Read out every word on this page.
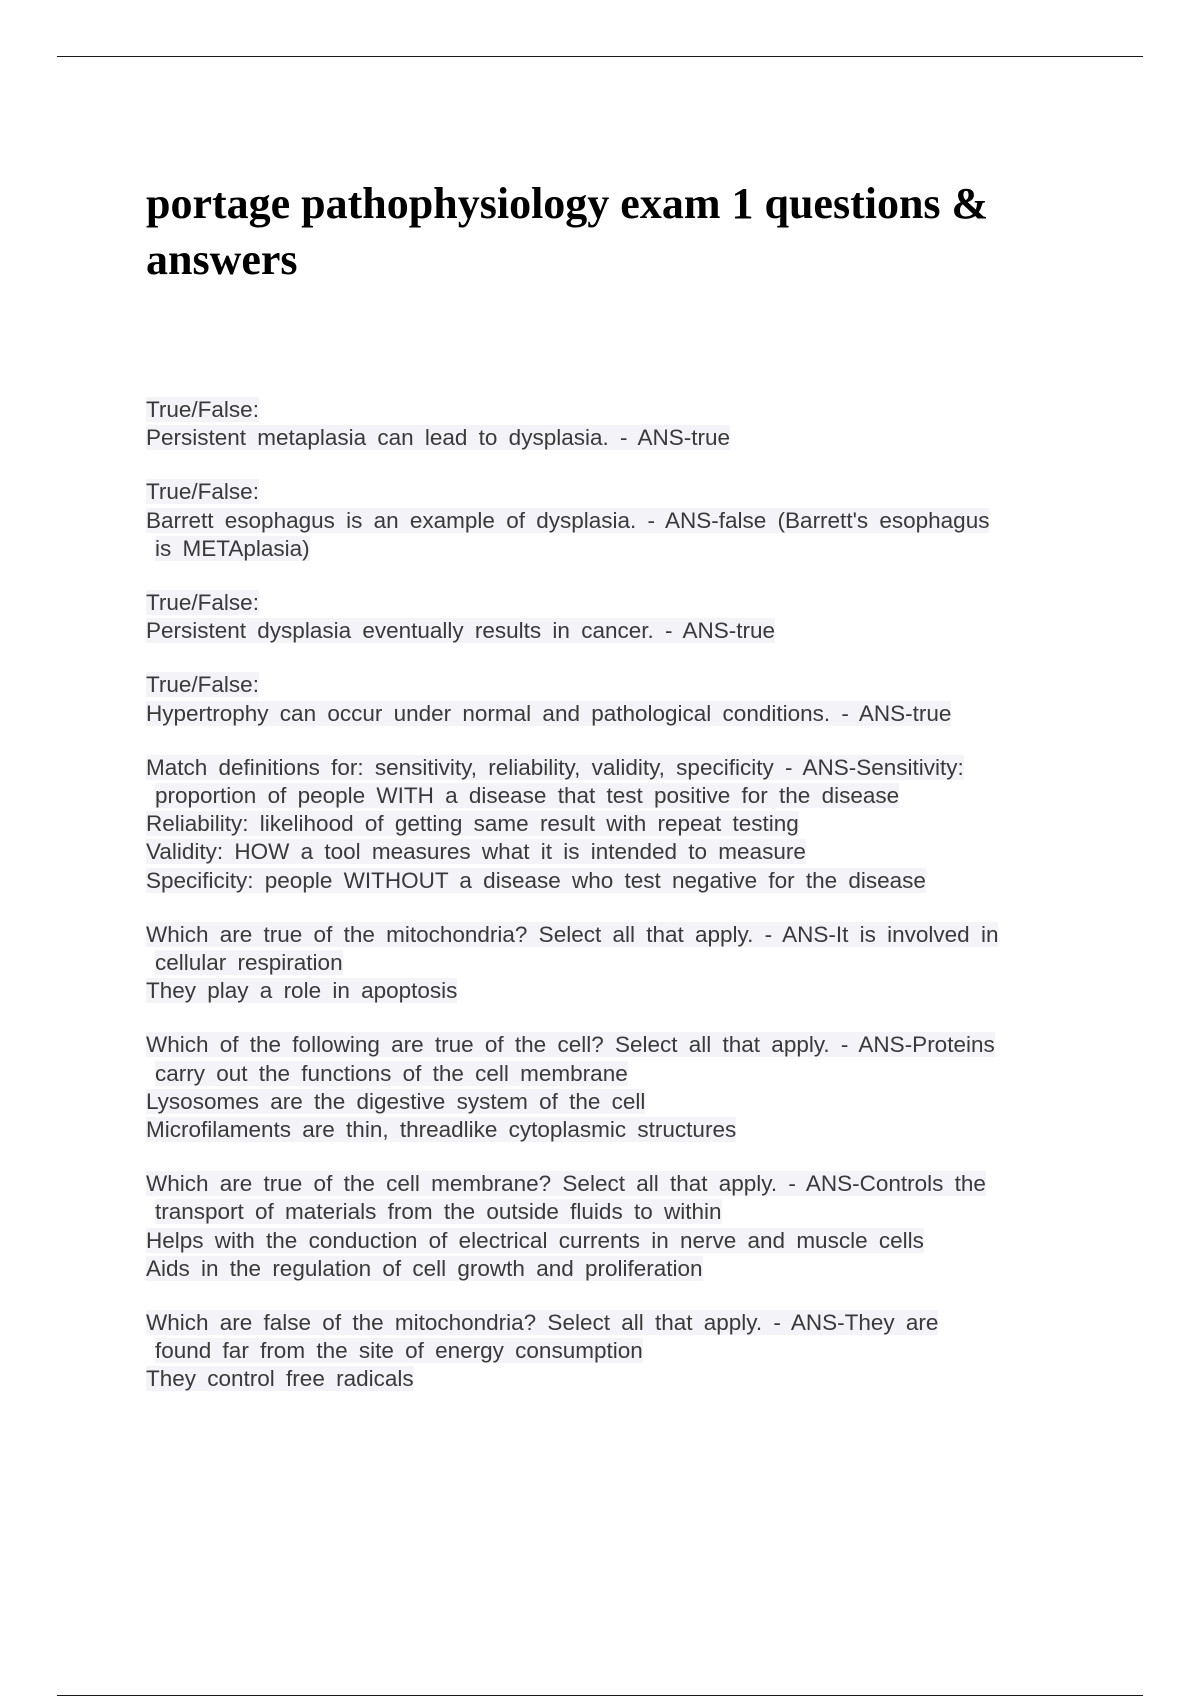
portage pathophysiology exam 1 questions & answers
True/False:
Persistent metaplasia can lead to dysplasia. - ANS-true
True/False:
Barrett esophagus is an example of dysplasia. - ANS-false (Barrett's esophagus
is METAplasia)
True/False:
Persistent dysplasia eventually results in cancer. - ANS-true
True/False:
Hypertrophy can occur under normal and pathological conditions. - ANS-true
Match definitions for: sensitivity, reliability, validity, specificity - ANS-Sensitivity:
proportion of people WITH a disease that test positive for the disease
Reliability: likelihood of getting same result with repeat testing
Validity: HOW a tool measures what it is intended to measure
Specificity: people WITHOUT a disease who test negative for the disease
Which are true of the mitochondria? Select all that apply. - ANS-It is involved in
cellular respiration
They play a role in apoptosis
Which of the following are true of the cell? Select all that apply. - ANS-Proteins
carry out the functions of the cell membrane
Lysosomes are the digestive system of the cell
Microfilaments are thin, threadlike cytoplasmic structures
Which are true of the cell membrane? Select all that apply. - ANS-Controls the
transport of materials from the outside fluids to within
Helps with the conduction of electrical currents in nerve and muscle cells
Aids in the regulation of cell growth and proliferation
Which are false of the mitochondria? Select all that apply. - ANS-They are
found far from the site of energy consumption
They control free radicals
